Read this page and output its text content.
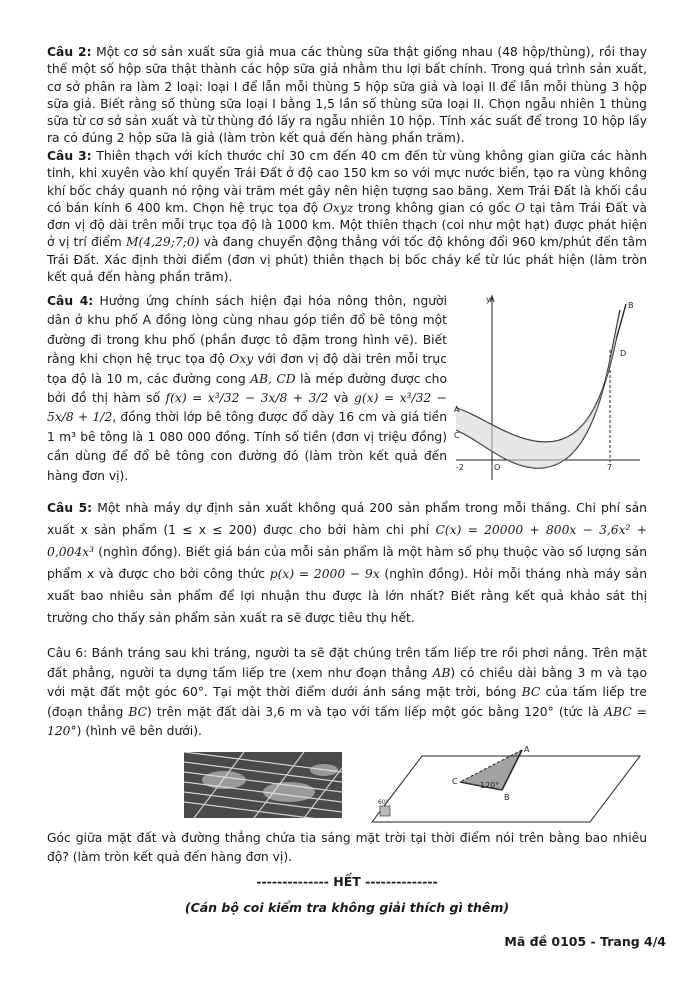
Câu 2: Một cơ sở sản xuất sữa giả mua các thùng sữa thật giống nhau (48 hộp/thùng), rồi thay thế một số hộp sữa thật thành các hộp sữa giả nhằm thu lợi bất chính. Trong quá trình sản xuất, cơ sở phân ra làm 2 loại: loại I để lẫn mỗi thùng 5 hộp sữa giả và loại II để lẫn mỗi thùng 3 hộp sữa giả. Biết rằng số thùng sữa loại I bằng 1,5 lần số thùng sữa loại II. Chọn ngẫu nhiên 1 thùng sữa từ cơ sở sản xuất và từ thùng đó lấy ra ngẫu nhiên 10 hộp. Tính xác suất để trong 10 hộp lấy ra có đúng 2 hộp sữa là giả (làm tròn kết quả đến hàng phần trăm).

Câu 3: Thiên thạch với kích thước chỉ 30 cm đến 40 cm đến từ vùng không gian giữa các hành tinh, khi xuyên vào khí quyển Trái Đất ở độ cao 150 km so với mực nước biển, tạo ra vùng không khí bốc cháy quanh nó rộng vài trăm mét gây nên hiện tượng sao băng. Xem Trái Đất là khối cầu có bán kính 6 400 km. Chọn hệ trục tọa độ Oxyz trong không gian có gốc O tại tâm Trái Đất và đơn vị độ dài trên mỗi trục tọa độ là 1000 km. Một thiên thạch (coi như một hạt) được phát hiện ở vị trí điểm M(4,29;7;0) và đang chuyển động thẳng với tốc độ không đổi 960 km/phút đến tâm Trái Đất. Xác định thời điểm (đơn vị phút) thiên thạch bị bốc cháy kể từ lúc phát hiện (làm tròn kết quả đến hàng phần trăm).

Câu 4: Hưởng ứng chính sách hiện đại hóa nông thôn, người dân ở khu phố A đồng lòng cùng nhau góp tiền đổ bê tông một đường đi trong khu phố (phần được tô đậm trong hình vẽ). Biết rằng khi chọn hệ trục tọa độ Oxy với đơn vị độ dài trên mỗi trục tọa độ là 10 m, các đường cong AB, CD là mép đường được cho bởi đồ thị hàm số f(x) = x³/32 − 3x/8 + 3/2 và g(x) = x³/32 − 5x/8 + 1/2, đồng thời lớp bê tông được đổ dày 16 cm và giá tiền 1 m³ bê tông là 1 080 000 đồng. Tính số tiền (đơn vị triệu đồng) cần dùng để đổ bê tông con đường đó (làm tròn kết quả đến hàng đơn vị).

y
A
B
C
D
O
-2	7

Câu 5: Một nhà máy dự định sản xuất không quá 200 sản phẩm trong mỗi tháng. Chi phí sản xuất x sản phẩm (1 ≤ x ≤ 200) được cho bởi hàm chi phí C(x) = 20000 + 800x − 3,6x² + 0,004x³ (nghìn đồng). Biết giá bán của mỗi sản phẩm là một hàm số phụ thuộc vào số lượng sản phẩm x và được cho bởi công thức p(x) = 2000 − 9x (nghìn đồng). Hỏi mỗi tháng nhà máy sản xuất bao nhiêu sản phẩm để lợi nhuận thu được là lớn nhất? Biết rằng kết quả khảo sát thị trường cho thấy sản phẩm sản xuất ra sẽ được tiêu thụ hết.

Câu 6: Bánh tráng sau khi tráng, người ta sẽ đặt chúng trên tấm liếp tre rồi phơi nắng. Trên mặt đất phẳng, người ta dựng tấm liếp tre (xem như đoạn thẳng AB) có chiều dài bằng 3 m và tạo với mặt đất một góc 60°. Tại một thời điểm dưới ánh sáng mặt trời, bóng BC của tấm liếp tre (đoạn thẳng BC) trên mặt đất dài 3,6 m và tạo với tấm liếp một góc bằng 120° (tức là ABC = 120°) (hình vẽ bên dưới).

A
B
C	120°
60°

Góc giữa mặt đất và đường thẳng chứa tia sáng mặt trời tại thời điểm nói trên bằng bao nhiêu độ? (làm tròn kết quả đến hàng đơn vị).

-------------- HẾT --------------
(Cán bộ coi kiểm tra không giải thích gì thêm)
Mã đề 0105 - Trang 4/4
